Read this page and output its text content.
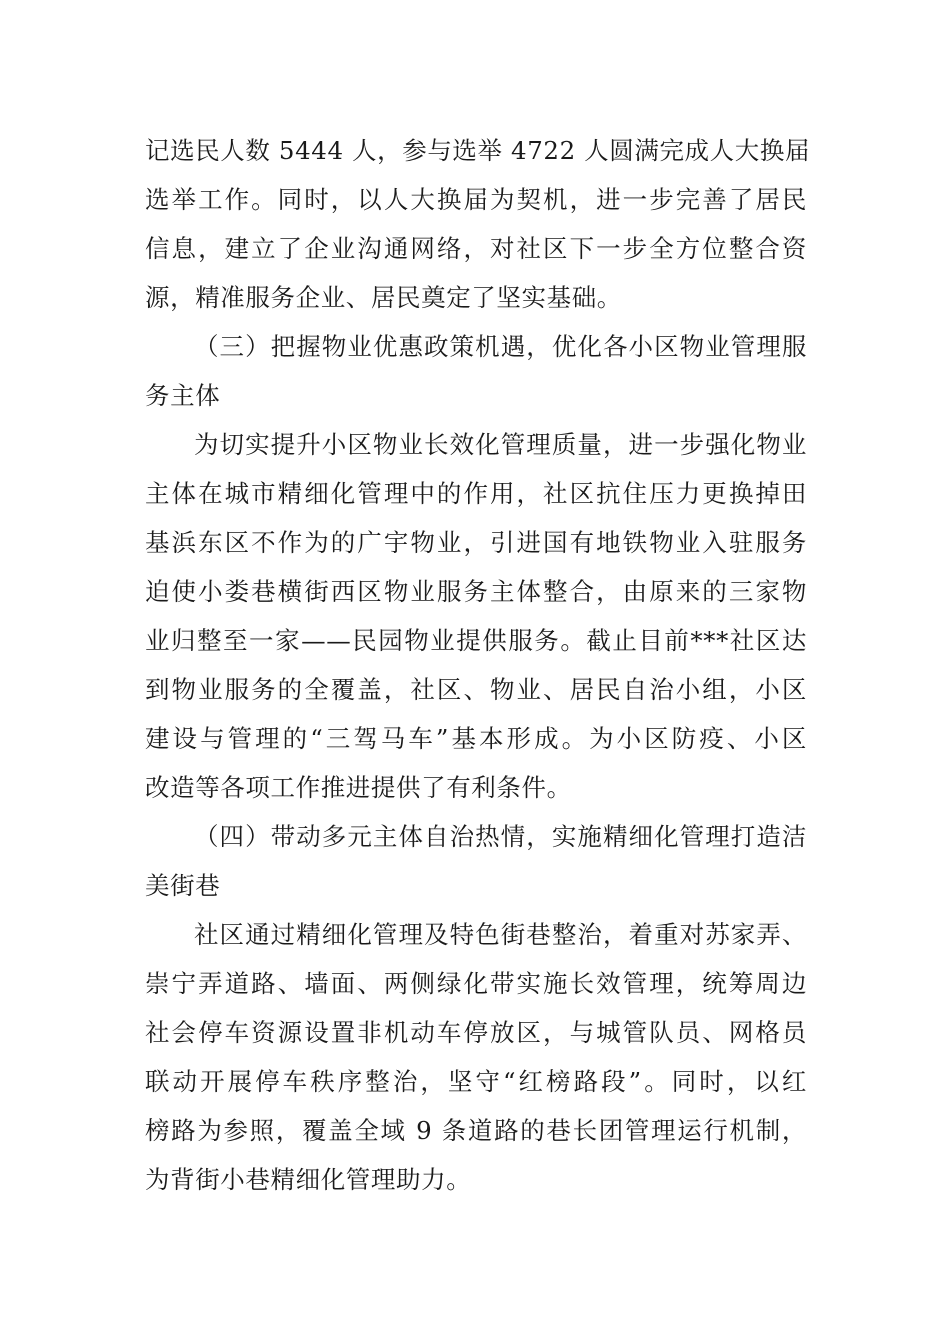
记选民人数 5444 人，参与选举 4722 人圆满完成人大换届
选举工作。同时，以人大换届为契机，进一步完善了居民
信息，建立了企业沟通网络，对社区下一步全方位整合资
源，精准服务企业、居民奠定了坚实基础。

（三）把握物业优惠政策机遇，优化各小区物业管理服
务主体

为切实提升小区物业长效化管理质量，进一步强化物业
主体在城市精细化管理中的作用，社区抗住压力更换掉田
基浜东区不作为的广宇物业，引进国有地铁物业入驻服务
迫使小娄巷横街西区物业服务主体整合，由原来的三家物
业归整至一家——民园物业提供服务。截止目前***社区达
到物业服务的全覆盖，社区、物业、居民自治小组，小区
建设与管理的“三驾马车”基本形成。为小区防疫、小区
改造等各项工作推进提供了有利条件。

（四）带动多元主体自治热情，实施精细化管理打造洁
美街巷

社区通过精细化管理及特色街巷整治，着重对苏家弄、
崇宁弄道路、墙面、两侧绿化带实施长效管理，统筹周边
社会停车资源设置非机动车停放区，与城管队员、网格员
联动开展停车秩序整治，坚守“红榜路段”。同时，以红
榜路为参照，覆盖全域 9 条道路的巷长团管理运行机制，
为背街小巷精细化管理助力。
